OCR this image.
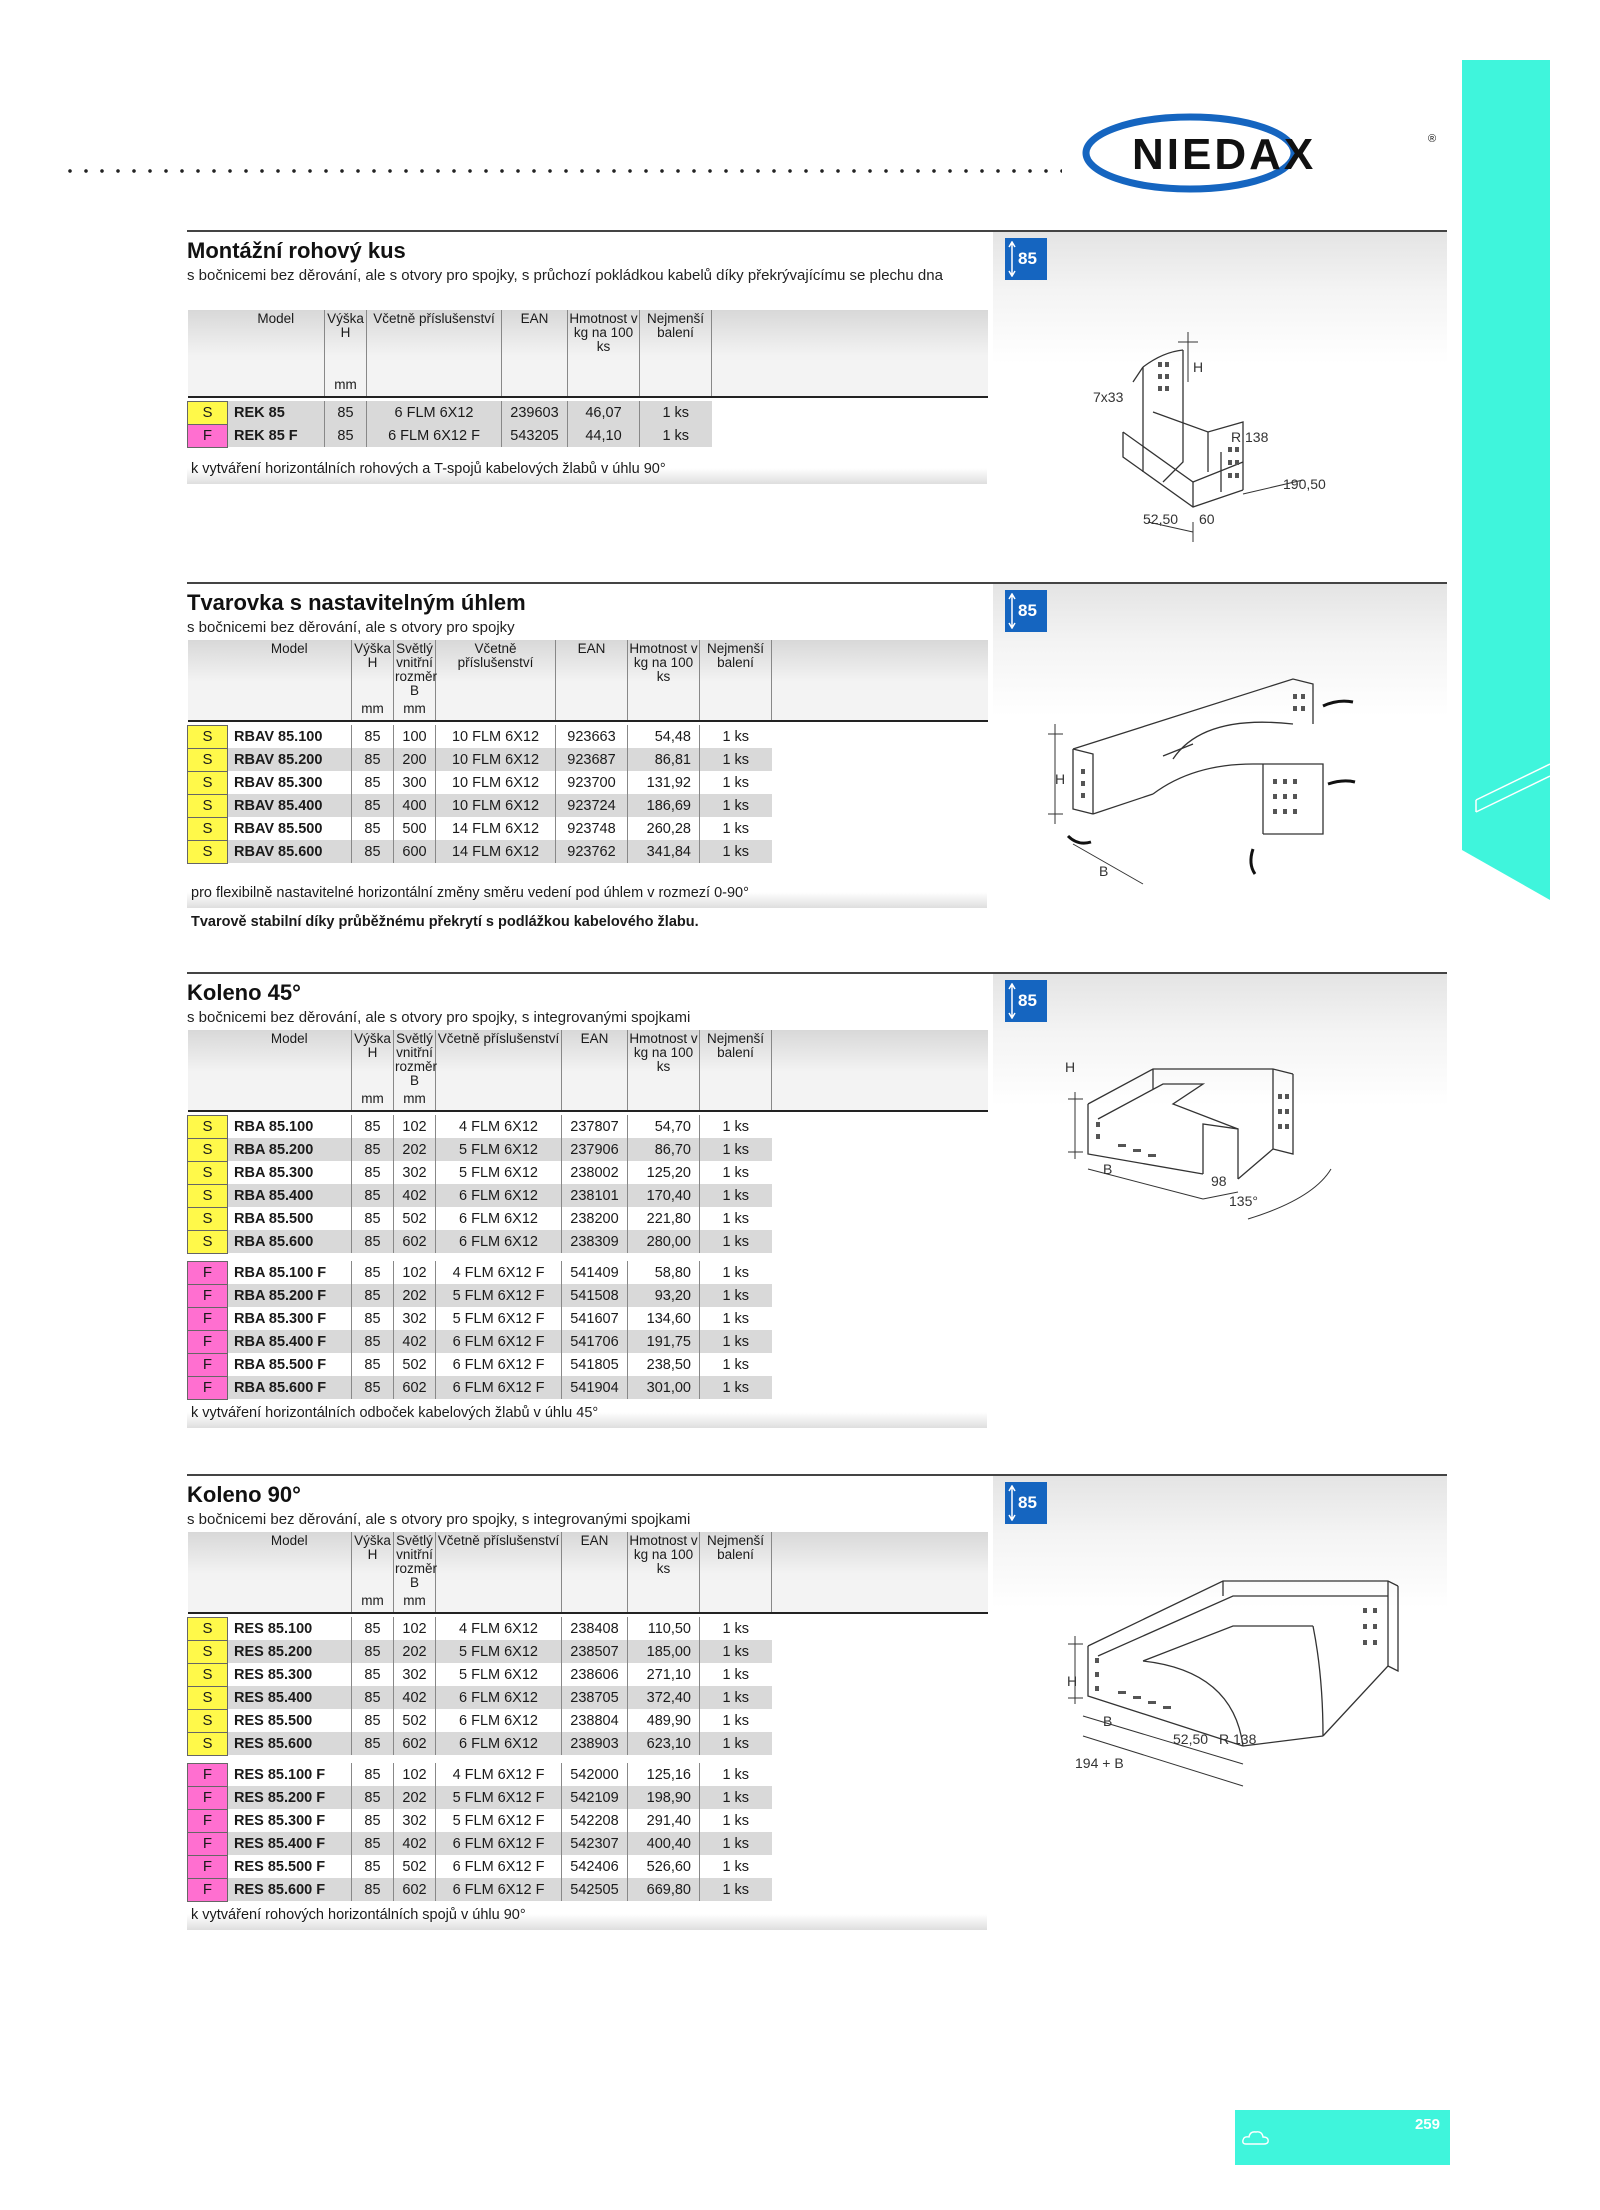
NIEDAX	®
Montážní rohový kus
s bočnicemi bez děrování, ale s otvory pro spojky, s průchozí pokládkou kabelů díky překrývajícímu se plechu dna
7x33
H
R 138
190,50
52,50 60
85
	Model	Výška H	Včetně příslušenství	EAN	Hmotnost v kg na 100 ks	Nejmenší balení	
		mm					

S	REK 85	85	6 FLM 6X12	239603	46,07	1 ks	
F	REK 85 F	85	6 FLM 6X12 F	543205	44,10	1 ks	
k vytváření horizontálních rohových a T-spojů kabelových žlabů v úhlu 90°
Tvarovka s nastavitelným úhlem
s bočnicemi bez děrování, ale s otvory pro spojky
H
B
85
	Model	Výška H	Světlý vnitřní rozměr B	Včetně příslušenství	EAN	Hmotnost v kg na 100 ks	Nejmenší balení	
		mm	mm					

S	RBAV 85.100	85	100	10 FLM 6X12	923663	54,48	1 ks	
S	RBAV 85.200	85	200	10 FLM 6X12	923687	86,81	1 ks	
S	RBAV 85.300	85	300	10 FLM 6X12	923700	131,92	1 ks	
S	RBAV 85.400	85	400	10 FLM 6X12	923724	186,69	1 ks	
S	RBAV 85.500	85	500	14 FLM 6X12	923748	260,28	1 ks	
S	RBAV 85.600	85	600	14 FLM 6X12	923762	341,84	1 ks	
pro flexibilně nastavitelné horizontální změny směru vedení pod úhlem v rozmezí 0-90°
Tvarově stabilní díky průběžnému překrytí s podlážkou kabelového žlabu.
Koleno 45°
s bočnicemi bez děrování, ale s otvory pro spojky, s integrovanými spojkami
H
B
98
135°
85
	Model	Výška H	Světlý vnitřní rozměr B	Včetně příslušenství	EAN	Hmotnost v kg na 100 ks	Nejmenší balení	
		mm	mm					

S	RBA 85.100	85	102	4 FLM 6X12	237807	54,70	1 ks	
S	RBA 85.200	85	202	5 FLM 6X12	237906	86,70	1 ks	
S	RBA 85.300	85	302	5 FLM 6X12	238002	125,20	1 ks	
S	RBA 85.400	85	402	6 FLM 6X12	238101	170,40	1 ks	
S	RBA 85.500	85	502	6 FLM 6X12	238200	221,80	1 ks	
S	RBA 85.600	85	602	6 FLM 6X12	238309	280,00	1 ks	

F	RBA 85.100 F	85	102	4 FLM 6X12 F	541409	58,80	1 ks	
F	RBA 85.200 F	85	202	5 FLM 6X12 F	541508	93,20	1 ks	
F	RBA 85.300 F	85	302	5 FLM 6X12 F	541607	134,60	1 ks	
F	RBA 85.400 F	85	402	6 FLM 6X12 F	541706	191,75	1 ks	
F	RBA 85.500 F	85	502	6 FLM 6X12 F	541805	238,50	1 ks	
F	RBA 85.600 F	85	602	6 FLM 6X12 F	541904	301,00	1 ks	
k vytváření horizontálních odboček kabelových žlabů v úhlu 45°
Koleno 90°
s bočnicemi bez děrování, ale s otvory pro spojky, s integrovanými spojkami
H
B
52,50 R 138
194 + B
85
	Model	Výška H	Světlý vnitřní rozměr B	Včetně příslušenství	EAN	Hmotnost v kg na 100 ks	Nejmenší balení	
		mm	mm					

S	RES 85.100	85	102	4 FLM 6X12	238408	110,50	1 ks	
S	RES 85.200	85	202	5 FLM 6X12	238507	185,00	1 ks	
S	RES 85.300	85	302	5 FLM 6X12	238606	271,10	1 ks	
S	RES 85.400	85	402	6 FLM 6X12	238705	372,40	1 ks	
S	RES 85.500	85	502	6 FLM 6X12	238804	489,90	1 ks	
S	RES 85.600	85	602	6 FLM 6X12	238903	623,10	1 ks	

F	RES 85.100 F	85	102	4 FLM 6X12 F	542000	125,16	1 ks	
F	RES 85.200 F	85	202	5 FLM 6X12 F	542109	198,90	1 ks	
F	RES 85.300 F	85	302	5 FLM 6X12 F	542208	291,40	1 ks	
F	RES 85.400 F	85	402	6 FLM 6X12 F	542307	400,40	1 ks	
F	RES 85.500 F	85	502	6 FLM 6X12 F	542406	526,60	1 ks	
F	RES 85.600 F	85	602	6 FLM 6X12 F	542505	669,80	1 ks	
k vytváření rohových horizontálních spojů v úhlu 90°
259
